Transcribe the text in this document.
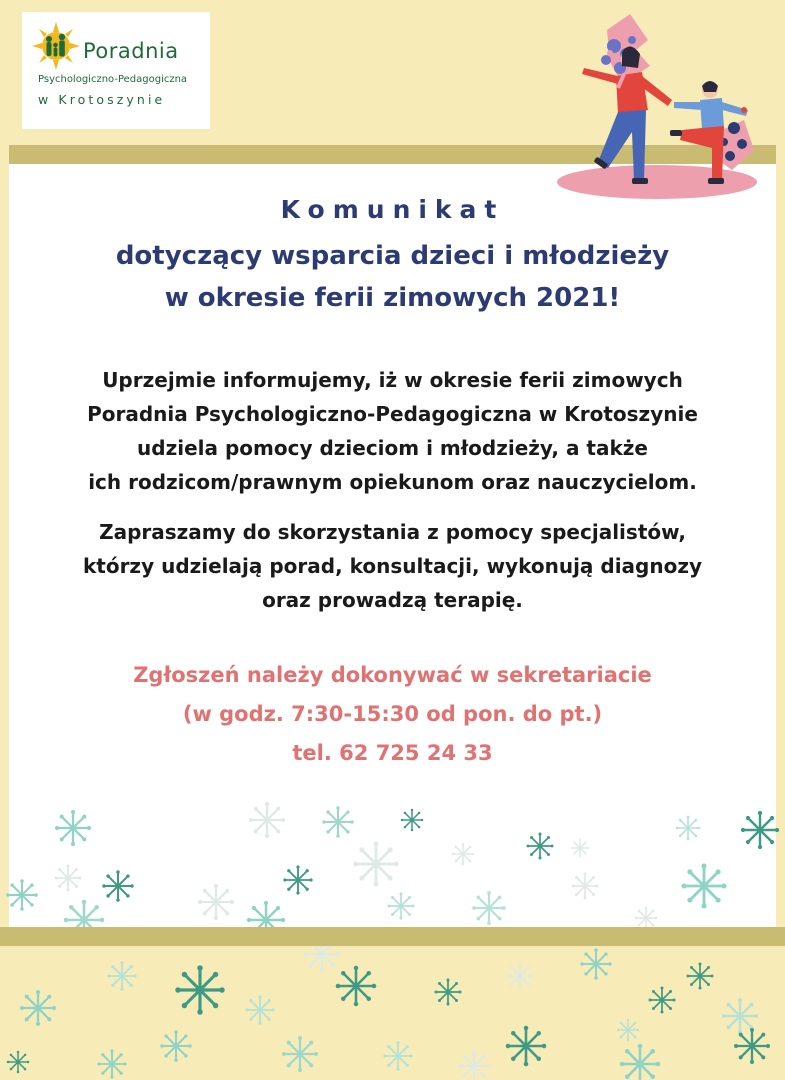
Poradnia
Psychologiczno-Pedagogiczna
w Krotoszynie
Komunikat
dotyczący wsparcia dzieci i młodzieży
w okresie ferii zimowych 2021!
Uprzejmie informujemy, iż w okresie ferii zimowych
Poradnia Psychologiczno-Pedagogiczna w Krotoszynie
udziela pomocy dzieciom i młodzieży, a także
ich rodzicom/prawnym opiekunom oraz nauczycielom.
Zapraszamy do skorzystania z pomocy specjalistów,
którzy udzielają porad, konsultacji, wykonują diagnozy
oraz prowadzą terapię.
Zgłoszeń należy dokonywać w sekretariacie
(w godz. 7:30-15:30 od pon. do pt.)
tel. 62 725 24 33
